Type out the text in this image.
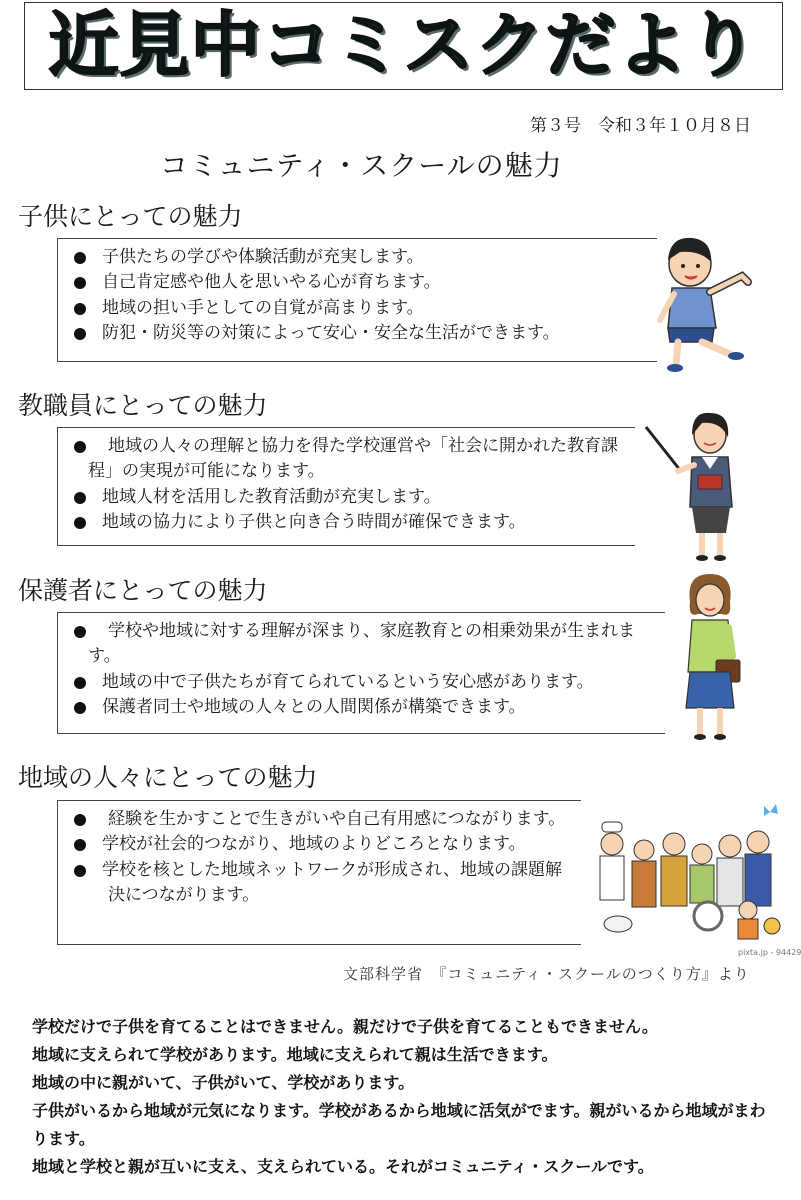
近見中コミスクだより
第３号　令和３年１０月８日
コミュニティ・スクールの魅力
子供にとっての魅力
子供たちの学びや体験活動が充実します。
自己肯定感や他人を思いやる心が育ちます。
地域の担い手としての自覚が高まります。
防犯・防災等の対策によって安心・安全な生活ができます。
教職員にとっての魅力
地域の人々の理解と協力を得た学校運営や「社会に開かれた教育課程」の実現が可能になります。
地域人材を活用した教育活動が充実します。
地域の協力により子供と向き合う時間が確保できます。
保護者にとっての魅力
学校や地域に対する理解が深まり、家庭教育との相乗効果が生まれます。
地域の中で子供たちが育てられているという安心感があります。
保護者同士や地域の人々との人間関係が構築できます。
地域の人々にとっての魅力
経験を生かすことで生きがいや自己有用感につながります。
学校が社会的つながり、地域のよりどころとなります。
学校を核とした地域ネットワークが形成され、地域の課題解決につながります。
pixta.jp - 94429
文部科学省　『コミュニティ・スクールのつくり方』より

学校だけで子供を育てることはできません。親だけで子供を育てることもできません。

地域に支えられて学校があります。地域に支えられて親は生活できます。

地域の中に親がいて、子供がいて、学校があります。

子供がいるから地域が元気になります。学校があるから地域に活気がでます。親がいるから地域がまわります。

地域と学校と親が互いに支え、支えられている。それがコミュニティ・スクールです。
